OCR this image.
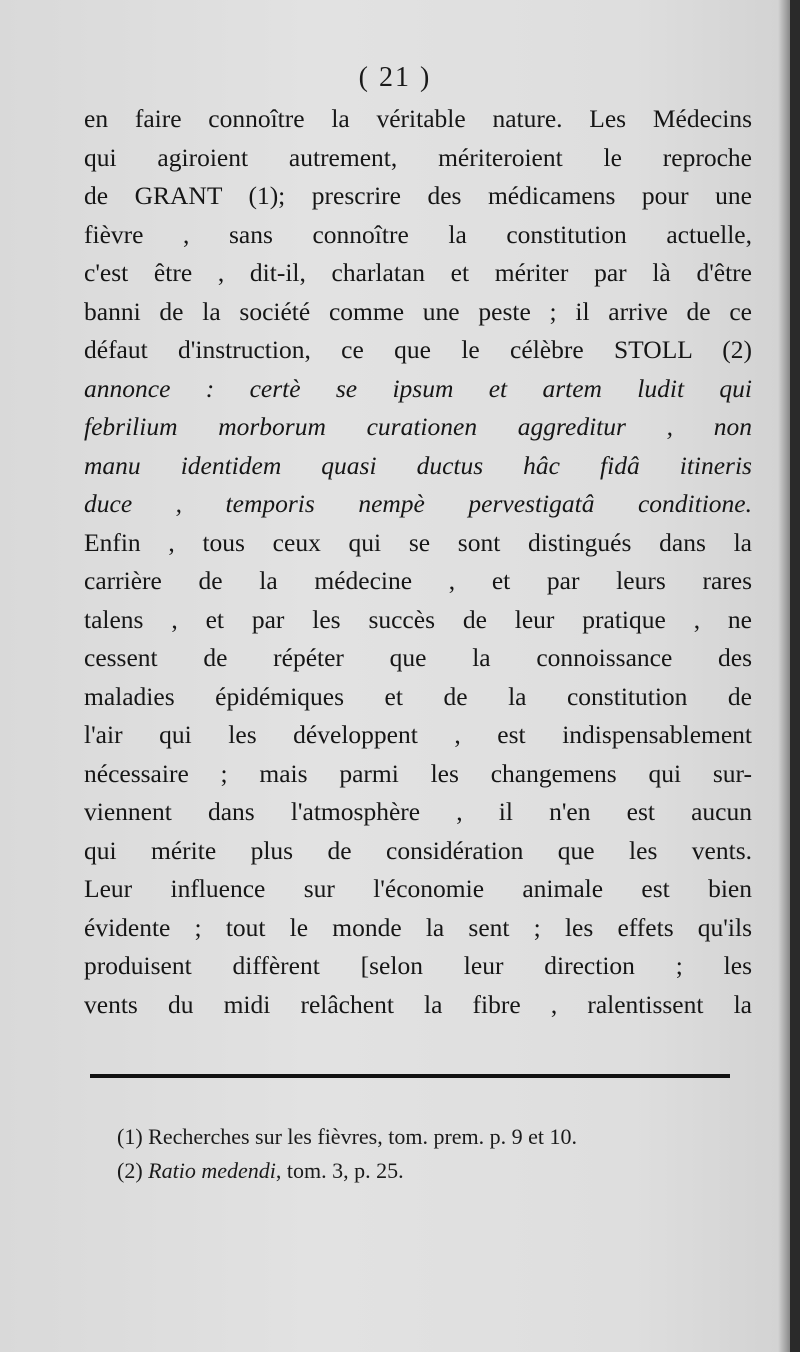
( 21 )
en faire connoître la véritable nature. Les Médecins
qui agiroient autrement, mériteroient le reproche
de GRANT (1); prescrire des médicamens pour une
fièvre , sans connoître la constitution actuelle,
c'est être , dit-il, charlatan et mériter par là d'être
banni de la société comme une peste ; il arrive de ce
défaut d'instruction, ce que le célèbre STOLL (2)
annonce : certè se ipsum et artem ludit qui
febrilium morborum curationen aggreditur , non
manu identidem quasi ductus hâc fidâ itineris
duce , temporis nempè pervestigatâ conditione.
Enfin , tous ceux qui se sont distingués dans la
carrière de la médecine , et par leurs rares
talens , et par les succès de leur pratique , ne
cessent de répéter que la connoissance des
maladies épidémiques et de la constitution de
l'air qui les développent , est indispensablement
nécessaire ; mais parmi les changemens qui sur-
viennent dans l'atmosphère , il n'en est aucun
qui mérite plus de considération que les vents.
Leur influence sur l'économie animale est bien
évidente ; tout le monde la sent ; les effets qu'ils
produisent diffèrent [selon leur direction ; les
vents du midi relâchent la fibre , ralentissent la
(1) Recherches sur les fièvres, tom. prem. p. 9 et 10.
(2) Ratio medendi, tom. 3, p. 25.
